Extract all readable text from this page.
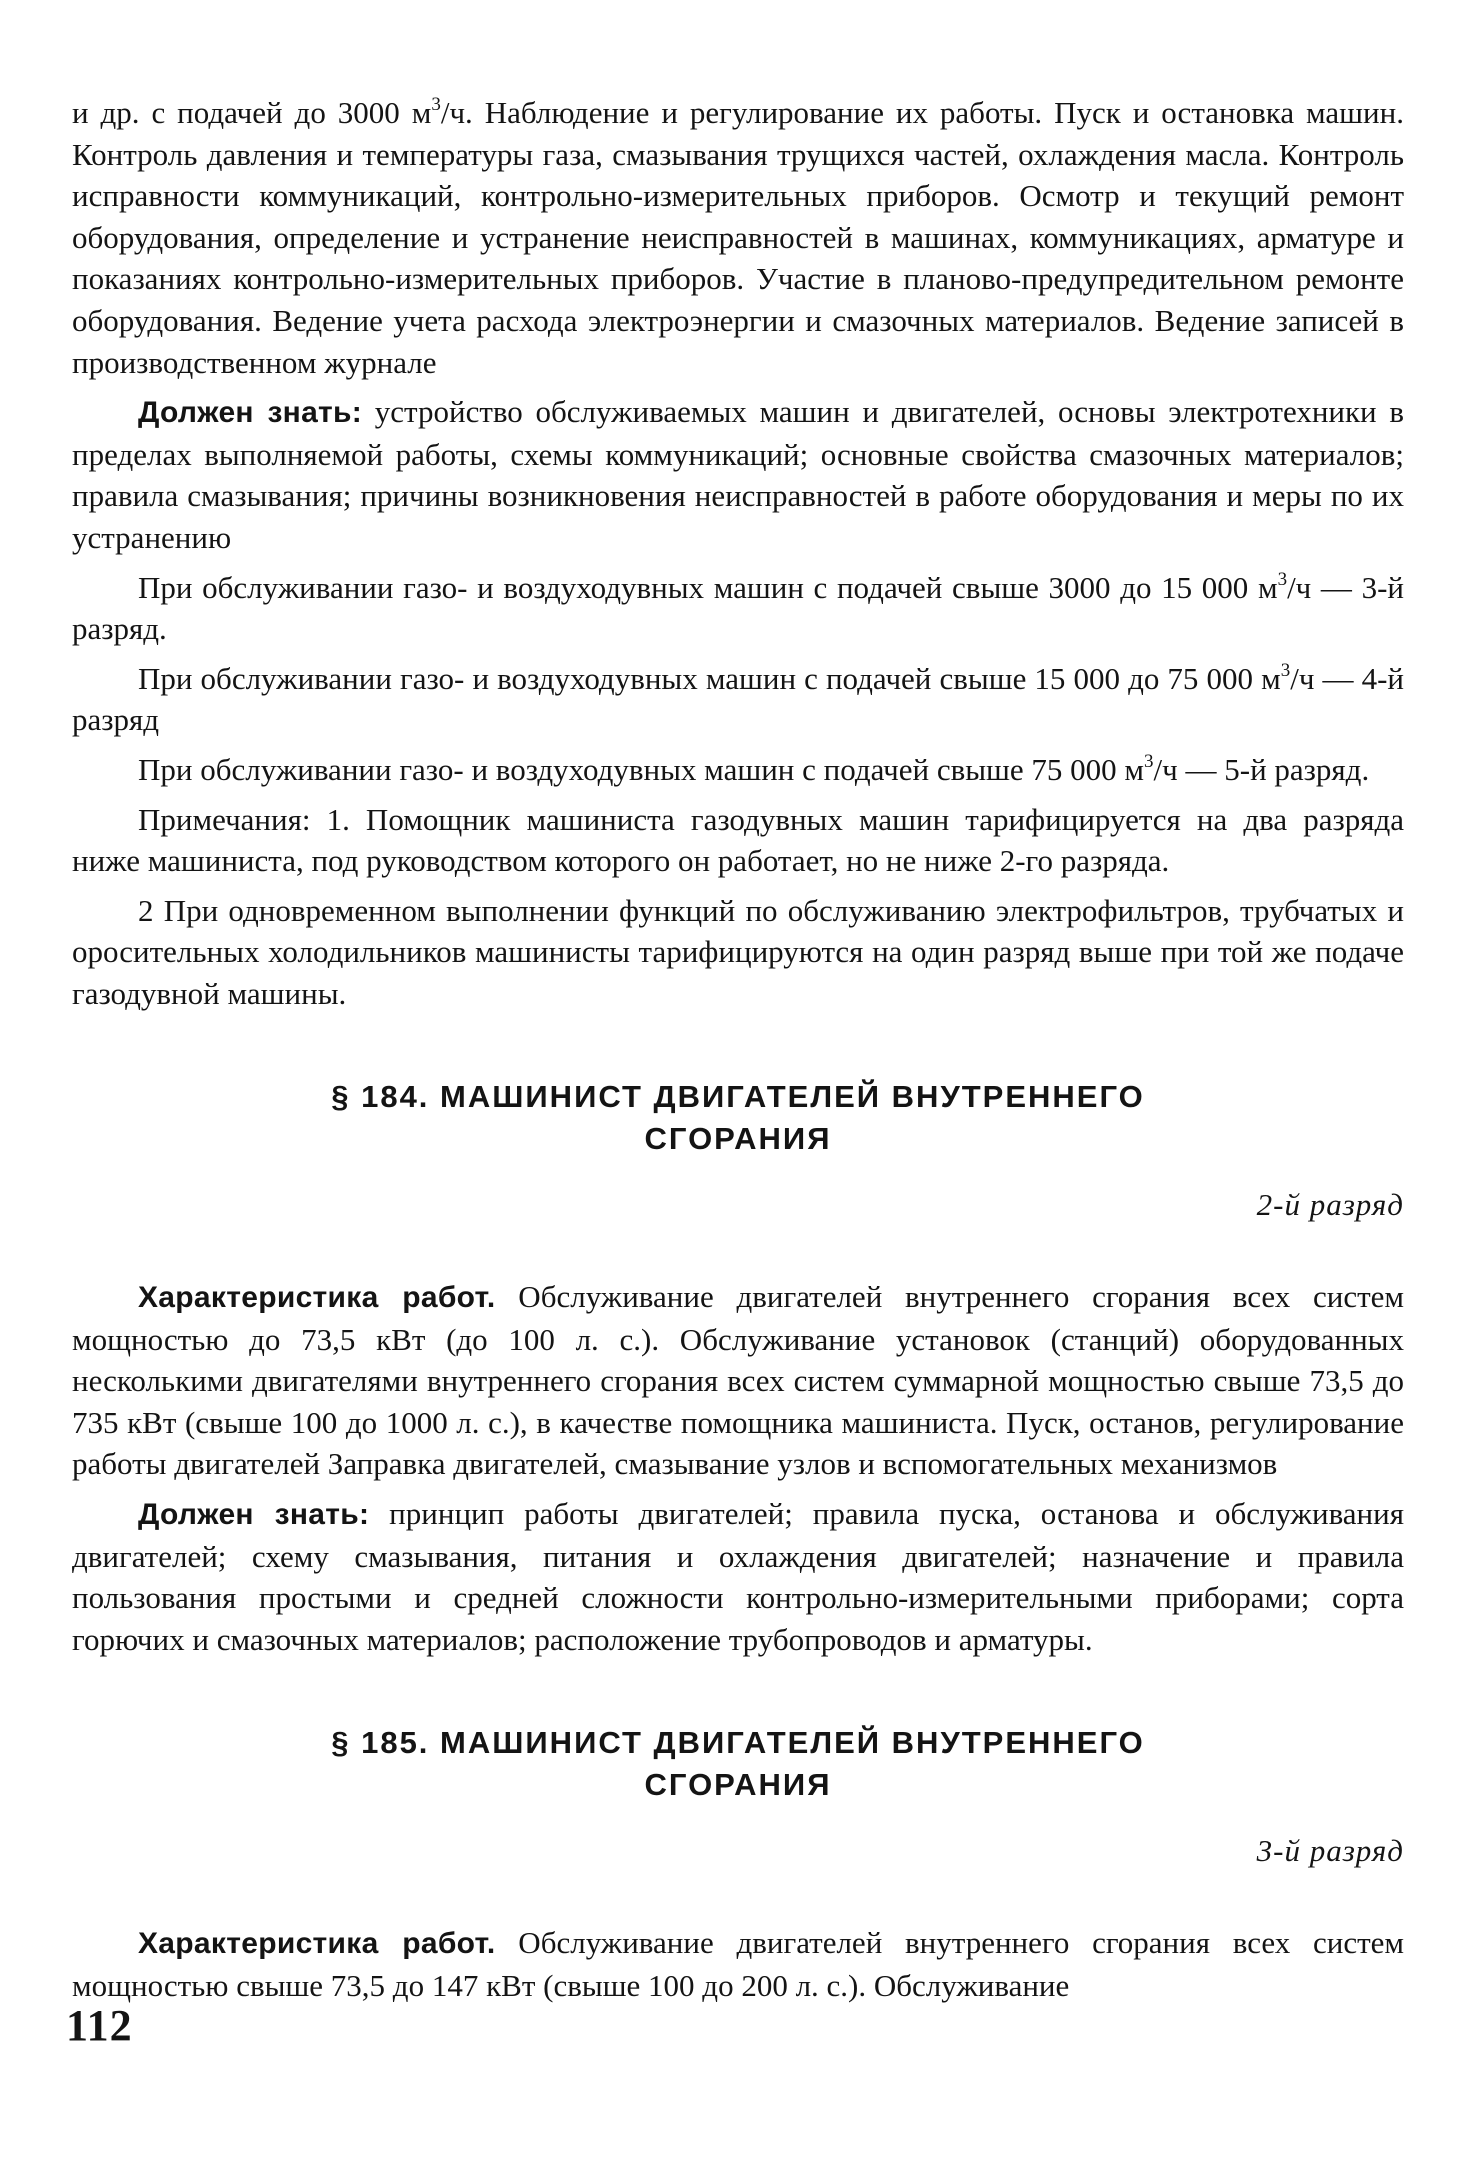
и др. с подачей до 3000 $м^3/ч$. Наблюдение и регулирование их работы. Пуск и остановка машин. Контроль давления и температуры газа, смазывания трущихся частей, охлаждения масла. Контроль исправности коммуникаций, контрольно-измерительных приборов. Осмотр и текущий ремонт оборудования, определение и устранение неисправностей в машинах, коммуникациях, арматуре и показаниях контрольно-измерительных приборов. Участие в планово-предупредительном ремонте оборудования. Ведение учета расхода электроэнергии и смазочных материалов. Ведение записей в производственном журнале

Должен знать: устройство обслуживаемых машин и двигателей, основы электротехники в пределах выполняемой работы, схемы коммуникаций; основные свойства смазочных материалов; правила смазывания; причины возникновения неисправностей в работе оборудования и меры по их устранению

При обслуживании газо- и воздуходувных машин с подачей свыше 3000 до 15 000 $м^3/ч$ — 3-й разряд.

При обслуживании газо- и воздуходувных машин с подачей свыше 15 000 до 75 000 $м^3/ч$ — 4-й разряд

При обслуживании газо- и воздуходувных машин с подачей свыше 75 000 $м^3/ч$ — 5-й разряд.

Примечания: 1. Помощник машиниста газодувных машин тарифицируется на два разряда ниже машиниста, под руководством которого он работает, но не ниже 2-го разряда.

2 При одновременном выполнении функций по обслуживанию электрофильтров, трубчатых и оросительных холодильников машинисты тарифицируются на один разряд выше при той же подаче газодувной машины.

§ 184. МАШИНИСТ ДВИГАТЕЛЕЙ ВНУТРЕННЕГО
СГОРАНИЯ

2-й разряд

Характеристика работ. Обслуживание двигателей внутреннего сгорания всех систем мощностью до 73,5 кВт (до 100 л. с.). Обслуживание установок (станций) оборудованных несколькими двигателями внутреннего сгорания всех систем суммарной мощностью свыше 73,5 до 735 кВт (свыше 100 до 1000 л. с.), в качестве помощника машиниста. Пуск, останов, регулирование работы двигателей Заправка двигателей, смазывание узлов и вспомогательных механизмов

Должен знать: принцип работы двигателей; правила пуска, останова и обслуживания двигателей; схему смазывания, питания и охлаждения двигателей; назначение и правила пользования простыми и средней сложности контрольно-измерительными приборами; сорта горючих и смазочных материалов; расположение трубопроводов и арматуры.

§ 185. МАШИНИСТ ДВИГАТЕЛЕЙ ВНУТРЕННЕГО
СГОРАНИЯ

3-й разряд

Характеристика работ. Обслуживание двигателей внутреннего сгорания всех систем мощностью свыше 73,5 до 147 кВт (свыше 100 до 200 л. с.). Обслуживание

112
